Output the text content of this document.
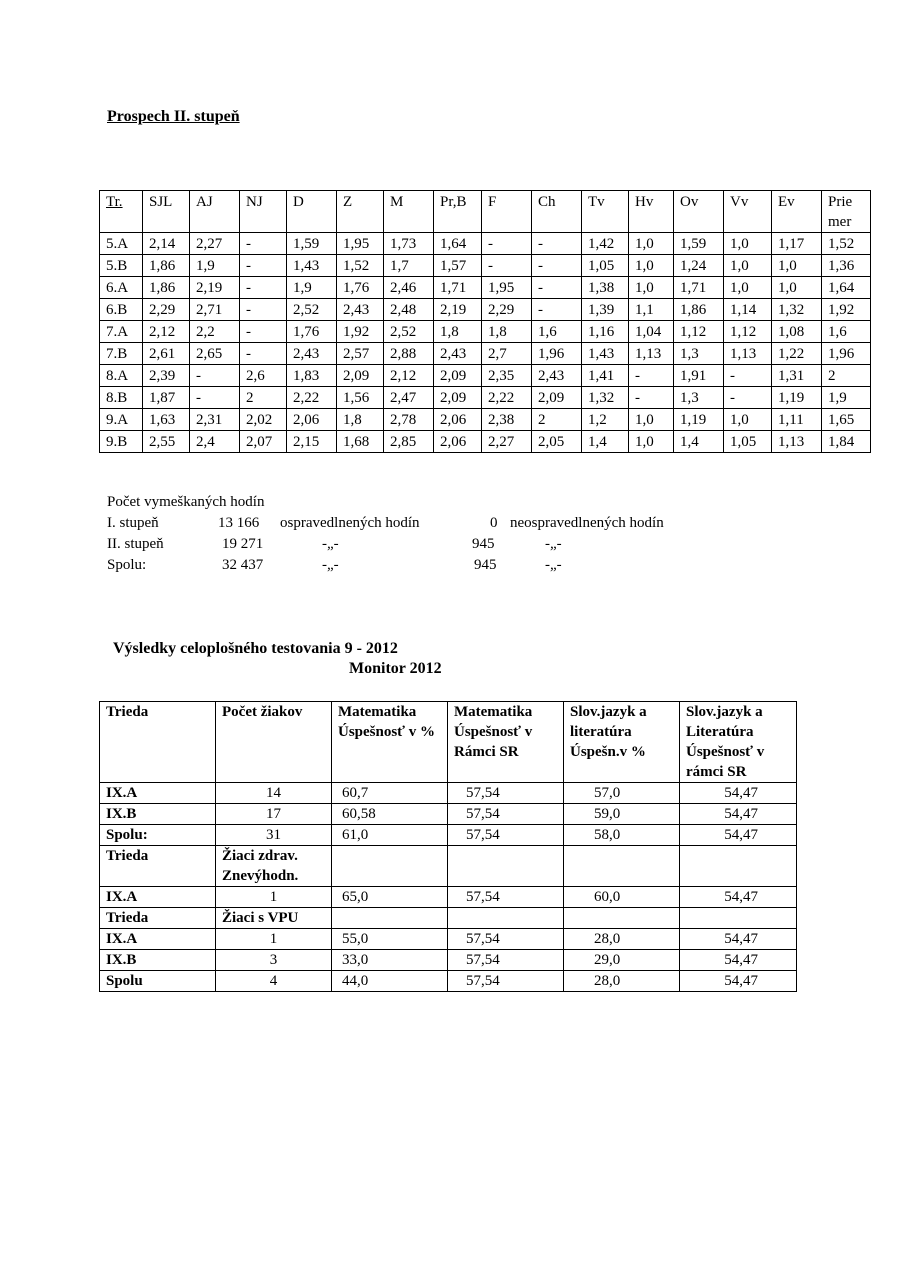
Prospech II. stupeň

Tr.	SJL	AJ	NJ	D	Z	M	Pr,B	F	Ch	Tv	Hv	Ov	Vv	Ev	Prie mer
5.A	2,14	2,27	-	1,59	1,95	1,73	1,64	-	-	1,42	1,0	1,59	1,0	1,17	1,52
5.B	1,86	1,9	-	1,43	1,52	1,7	1,57	-	-	1,05	1,0	1,24	1,0	1,0	1,36
6.A	1,86	2,19	-	1,9	1,76	2,46	1,71	1,95	-	1,38	1,0	1,71	1,0	1,0	1,64
6.B	2,29	2,71	-	2,52	2,43	2,48	2,19	2,29	-	1,39	1,1	1,86	1,14	1,32	1,92
7.A	2,12	2,2	-	1,76	1,92	2,52	1,8	1,8	1,6	1,16	1,04	1,12	1,12	1,08	1,6
7.B	2,61	2,65	-	2,43	2,57	2,88	2,43	2,7	1,96	1,43	1,13	1,3	1,13	1,22	1,96
8.A	2,39	-	2,6	1,83	2,09	2,12	2,09	2,35	2,43	1,41	-	1,91	-	1,31	2
8.B	1,87	-	2	2,22	1,56	2,47	2,09	2,22	2,09	1,32	-	1,3	-	1,19	1,9
9.A	1,63	2,31	2,02	2,06	1,8	2,78	2,06	2,38	2	1,2	1,0	1,19	1,0	1,11	1,65
9.B	2,55	2,4	2,07	2,15	1,68	2,85	2,06	2,27	2,05	1,4	1,0	1,4	1,05	1,13	1,84
Počet vymeškaných hodín
I. stupeň	13 166 ospravedlnených hodín	0 neospravedlnených hodín
II. stupeň	19 271	-„-	945	-„-
Spolu:	32 437	-„-	945	-„-

Výsledky celoplošného testovania 9 - 2012

Monitor 2012

Trieda	Počet žiakov	Matematika Úspešnosť v %	Matematika Úspešnosť v Rámci SR	Slov.jazyk a literatúra Úspešn.v %	Slov.jazyk a Literatúra Úspešnosť v rámci SR
IX.A	14	60,7	57,54	57,0	54,47
IX.B	17	60,58	57,54	59,0	54,47
Spolu:	31	61,0	57,54	58,0	54,47
Trieda	Žiaci zdrav. Znevýhodn.				
IX.A	1	65,0	57,54	60,0	54,47
Trieda	Žiaci s VPU				
IX.A	1	55,0	57,54	28,0	54,47
IX.B	3	33,0	57,54	29,0	54,47
Spolu	4	44,0	57,54	28,0	54,47
